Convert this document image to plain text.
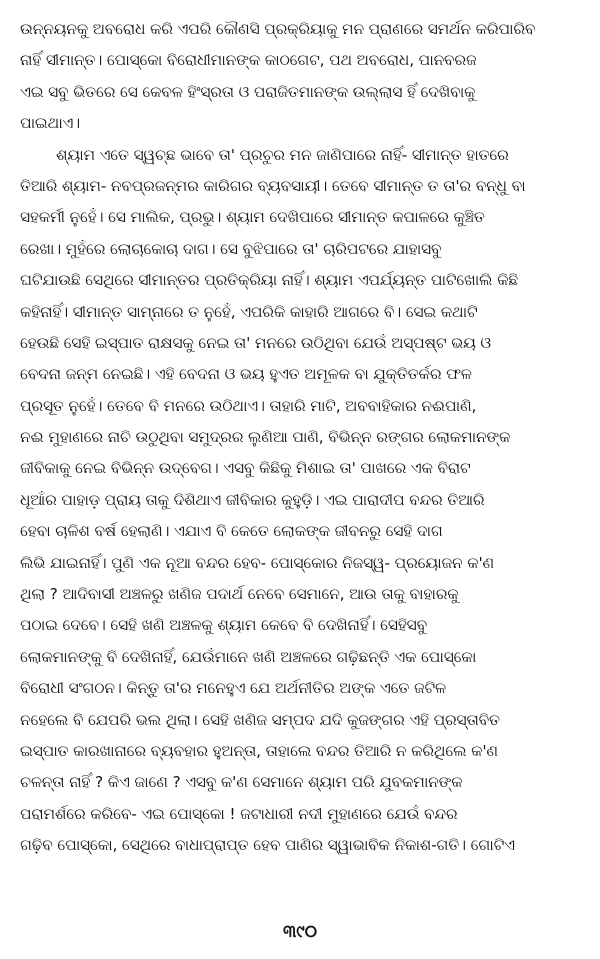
ଉନ୍ନୟନକୁ ଅବରୋଧ କରି ଏପରି କୌଣସି ପ୍ରକ୍ରିୟାକୁ ମନ ପ୍ରାଣରେ ସମର୍ଥନ କରିପାରିବ
ନାହିଁ ସୀମାନ୍ତ। ପୋସ୍କୋ ବିରୋଧୀମାନଙ୍କ କାଠଗେଟ, ପଥ ଅବରୋଧ, ପାନବରଜ
ଏଇ ସବୁ ଭିତରେ ସେ କେବଳ ହିଂସ୍ରତା ଓ ପରାଜିତମାନଙ୍କ ଉଲ୍ଲାସ ହିଁ ଦେଖିବାକୁ
ପାଇଥାଏ।
ଶ୍ୟାମ ଏତେ ସ୍ୱଚ୍ଛ ଭାବେ ତା' ପ୍ରଚୁର ମନ ଜାଣିପାରେ ନାହିଁ- ସୀମାନ୍ତ ହାତରେ
ତିଆରି ଶ୍ୟାମ- ନବପ୍ରଜନ୍ମର କାରିଗର ବ୍ୟବସାୟୀ। ତେବେ ସୀମାନ୍ତ ତ ତା'ର ବନ୍ଧୁ ବା
ସହକର୍ମୀ ନୁହେଁ। ସେ ମାଲିକ, ପ୍ରଭୁ। ଶ୍ୟାମ ଦେଖିପାରେ ସୀମାନ୍ତ କପାଳରେ କୁଞ୍ଚିତ
ରେଖା। ମୁହଁରେ ଲୋଚାକୋଚା ଦାଗ। ସେ ବୁଝିପାରେ ତା' ଚାରିପଟରେ ଯାହାସବୁ
ଘଟିଯାଉଛି ସେଥିରେ ସୀମାନ୍ତର ପ୍ରତିକ୍ରିୟା ନାହିଁ। ଶ୍ୟାମ ଏପର୍ଯ୍ୟନ୍ତ ପାଟିଖୋଲି କିଛି
କହିନାହିଁ। ସୀମାନ୍ତ ସାମ୍ନାରେ ତ ନୁହେଁ, ଏପରିକି କାହାରି ଆଗରେ ବି। ସେଇ କଥାଟି
ହେଉଛି ସେହି ଇସ୍ପାତ ରାକ୍ଷସକୁ ନେଇ ତା' ମନରେ ଉଠିଥିବା ଯେଉଁ ଅସ୍ପଷ୍ଟ ଭୟ ଓ
ବେଦନା ଜନ୍ମ ନେଇଛି। ଏହି ବେଦନା ଓ ଭୟ ହୁଏତ ଅମୂଳକ ବା ଯୁକ୍ତିତର୍କର ଫଳ
ପ୍ରସୂତ ନୁହେଁ। ତେବେ ବି ମନରେ ଉଠିଥାଏ। ତାହାରି ମାଟି, ଅବବାହିକାର ନଈପାଣି,
ନଈ ମୁହାଣରେ ନାଚି ଉଠୁଥିବା ସମୁଦ୍ରର ଲୁଣିଆ ପାଣି, ବିଭିନ୍ନ ରଙ୍ଗର ଲୋକମାନଙ୍କ
ଜୀବିକାକୁ ନେଇ ବିଭିନ୍ନ ଉଦ୍‌ବେଗ। ଏସବୁ କିଛିକୁ ମିଶାଇ ତା' ପାଖରେ ଏକ ବିରାଟ
ଧୂଆଁର ପାହାଡ଼ ପ୍ରାୟ ତାକୁ ଦିଶିଥାଏ ଜୀବିକାର କୁହୁଡ଼ି। ଏଇ ପାରାଦୀପ ବନ୍ଦର ତିଆରି
ହେବା ଚାଳିଶ ବର୍ଷ ହେଲାଣି। ଏଯାଏ ବି କେତେ ଲୋକଙ୍କ ଜୀବନରୁ ସେହି ଦାଗ
ଲିଭି ଯାଇନାହିଁ। ପୁଣି ଏକ ନୂଆ ବନ୍ଦର ହେବ- ପୋସ୍କୋର ନିଜସ୍ୱ- ପ୍ରୟୋଜନ କ'ଣ
ଥିଲା ? ଆଦିବାସୀ ଅଞ୍ଚଳରୁ ଖଣିଜ ପଦାର୍ଥ ନେବେ ସେମାନେ, ଆଉ ତାକୁ ବାହାରକୁ
ପଠାଇ ଦେବେ। ସେହି ଖଣି ଅଞ୍ଚଳକୁ ଶ୍ୟାମ କେବେ ବି ଦେଖିନାହିଁ। ସେହିସବୁ
ଲୋକମାନଙ୍କୁ ବି ଦେଖିନାହିଁ, ଯେଉଁମାନେ ଖଣି ଅଞ୍ଚଳରେ ଗଢ଼ିଛନ୍ତି ଏକ ପୋସ୍କୋ
ବିରୋଧୀ ସଂଗଠନ। କିନ୍ତୁ ତା'ର ମନେହୁଏ ଯେ ଅର୍ଥନୀତିର ଅଙ୍କ ଏତେ ଜଟିଳ
ନହେଲେ ବି ଯେପରି ଭଲ ଥିଲା। ସେହି ଖଣିଜ ସମ୍ପଦ ଯଦି କୁଜଙ୍ଗର ଏହି ପ୍ରସ୍ତାବିତ
ଇସ୍ପାତ କାରଖାନାରେ ବ୍ୟବହାର ହୁଅନ୍ତା, ତାହାଲେ ବନ୍ଦର ତିଆରି ନ କରିଥିଲେ କ'ଣ
ଚଳନ୍ତା ନାହିଁ ? କିଏ ଜାଣେ ? ଏସବୁ କ'ଣ ସେମାନେ ଶ୍ୟାମ ପରି ଯୁବକମାନଙ୍କ
ପରାମର୍ଶରେ କରିବେ- ଏଇ ପୋସ୍କୋ ! ଜଟାଧାରୀ ନଦୀ ମୁହାଣରେ ଯେଉଁ ବନ୍ଦର
ଗଢ଼ିବ ପୋସ୍କୋ, ସେଥିରେ ବାଧାପ୍ରାପ୍ତ ହେବ ପାଣିର ସ୍ୱାଭାବିକ ନିକାଶ-ଗତି। ଗୋଟିଏ
୩୯୦
